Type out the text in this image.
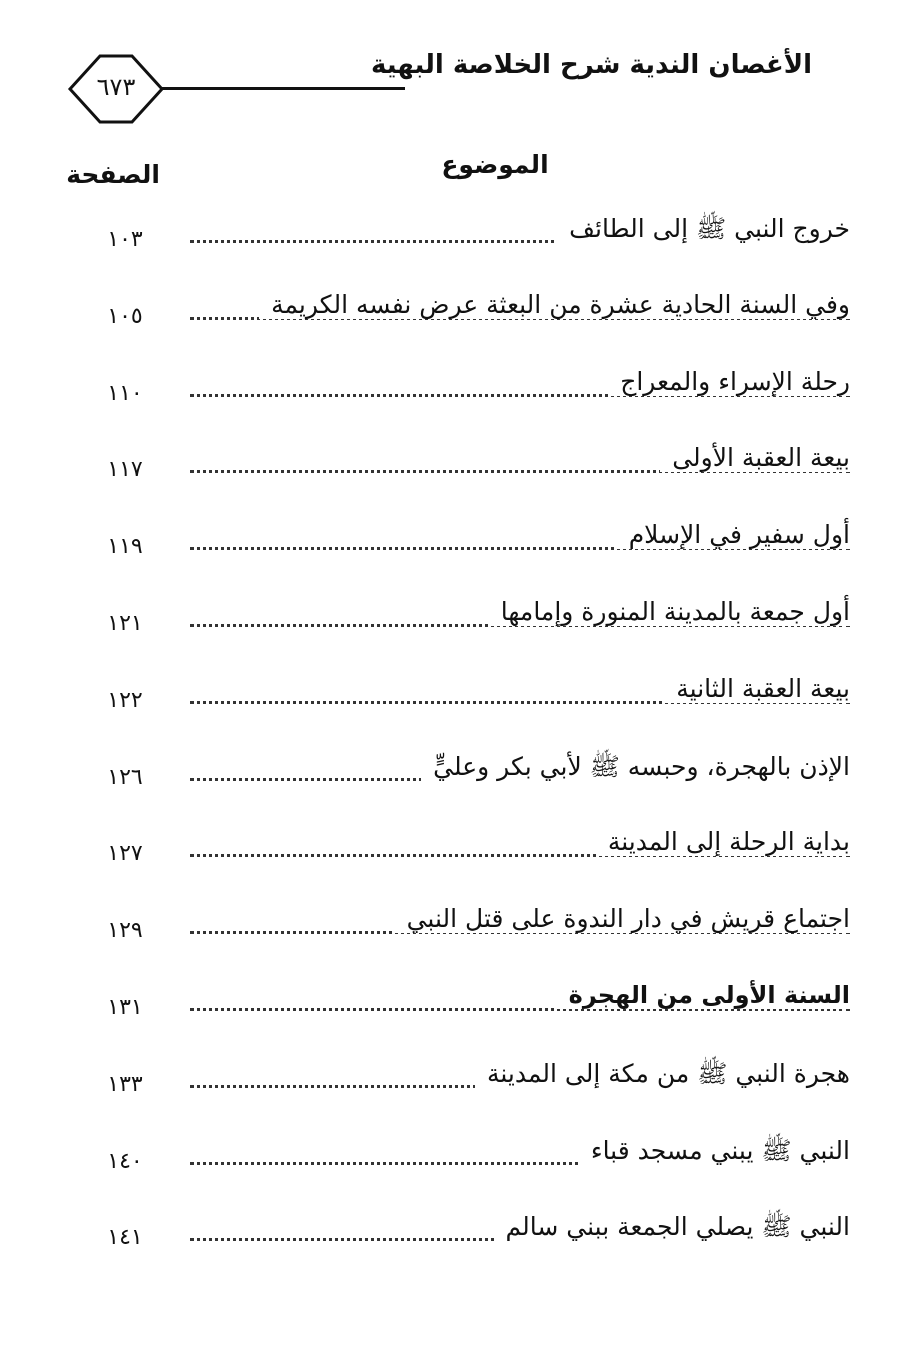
الأغصان الندية شرح الخلاصة البهية
٦٧٣
الموضوع
الصفحة
خروج النبي ﷺ إلى الطائف
١٠٣
وفي السنة الحادية عشرة من البعثة عرض نفسه الكريمة
١٠٥
رحلة الإسراء والمعراج
١١٠
بيعة العقبة الأولى
١١٧
أول سفير في الإسلام
١١٩
أول جمعة بالمدينة المنورة وإمامها
١٢١
بيعة العقبة الثانية
١٢٢
الإذن بالهجرة، وحبسه ﷺ لأبي بكر وعليٍّ
١٢٦
بداية الرحلة إلى المدينة
١٢٧
اجتماع قريش في دار الندوة على قتل النبي
١٢٩
السنة الأولى من الهجرة
١٣١
هجرة النبي ﷺ من مكة إلى المدينة
١٣٣
النبي ﷺ يبني مسجد قباء
١٤٠
النبي ﷺ يصلي الجمعة ببني سالم
١٤١
